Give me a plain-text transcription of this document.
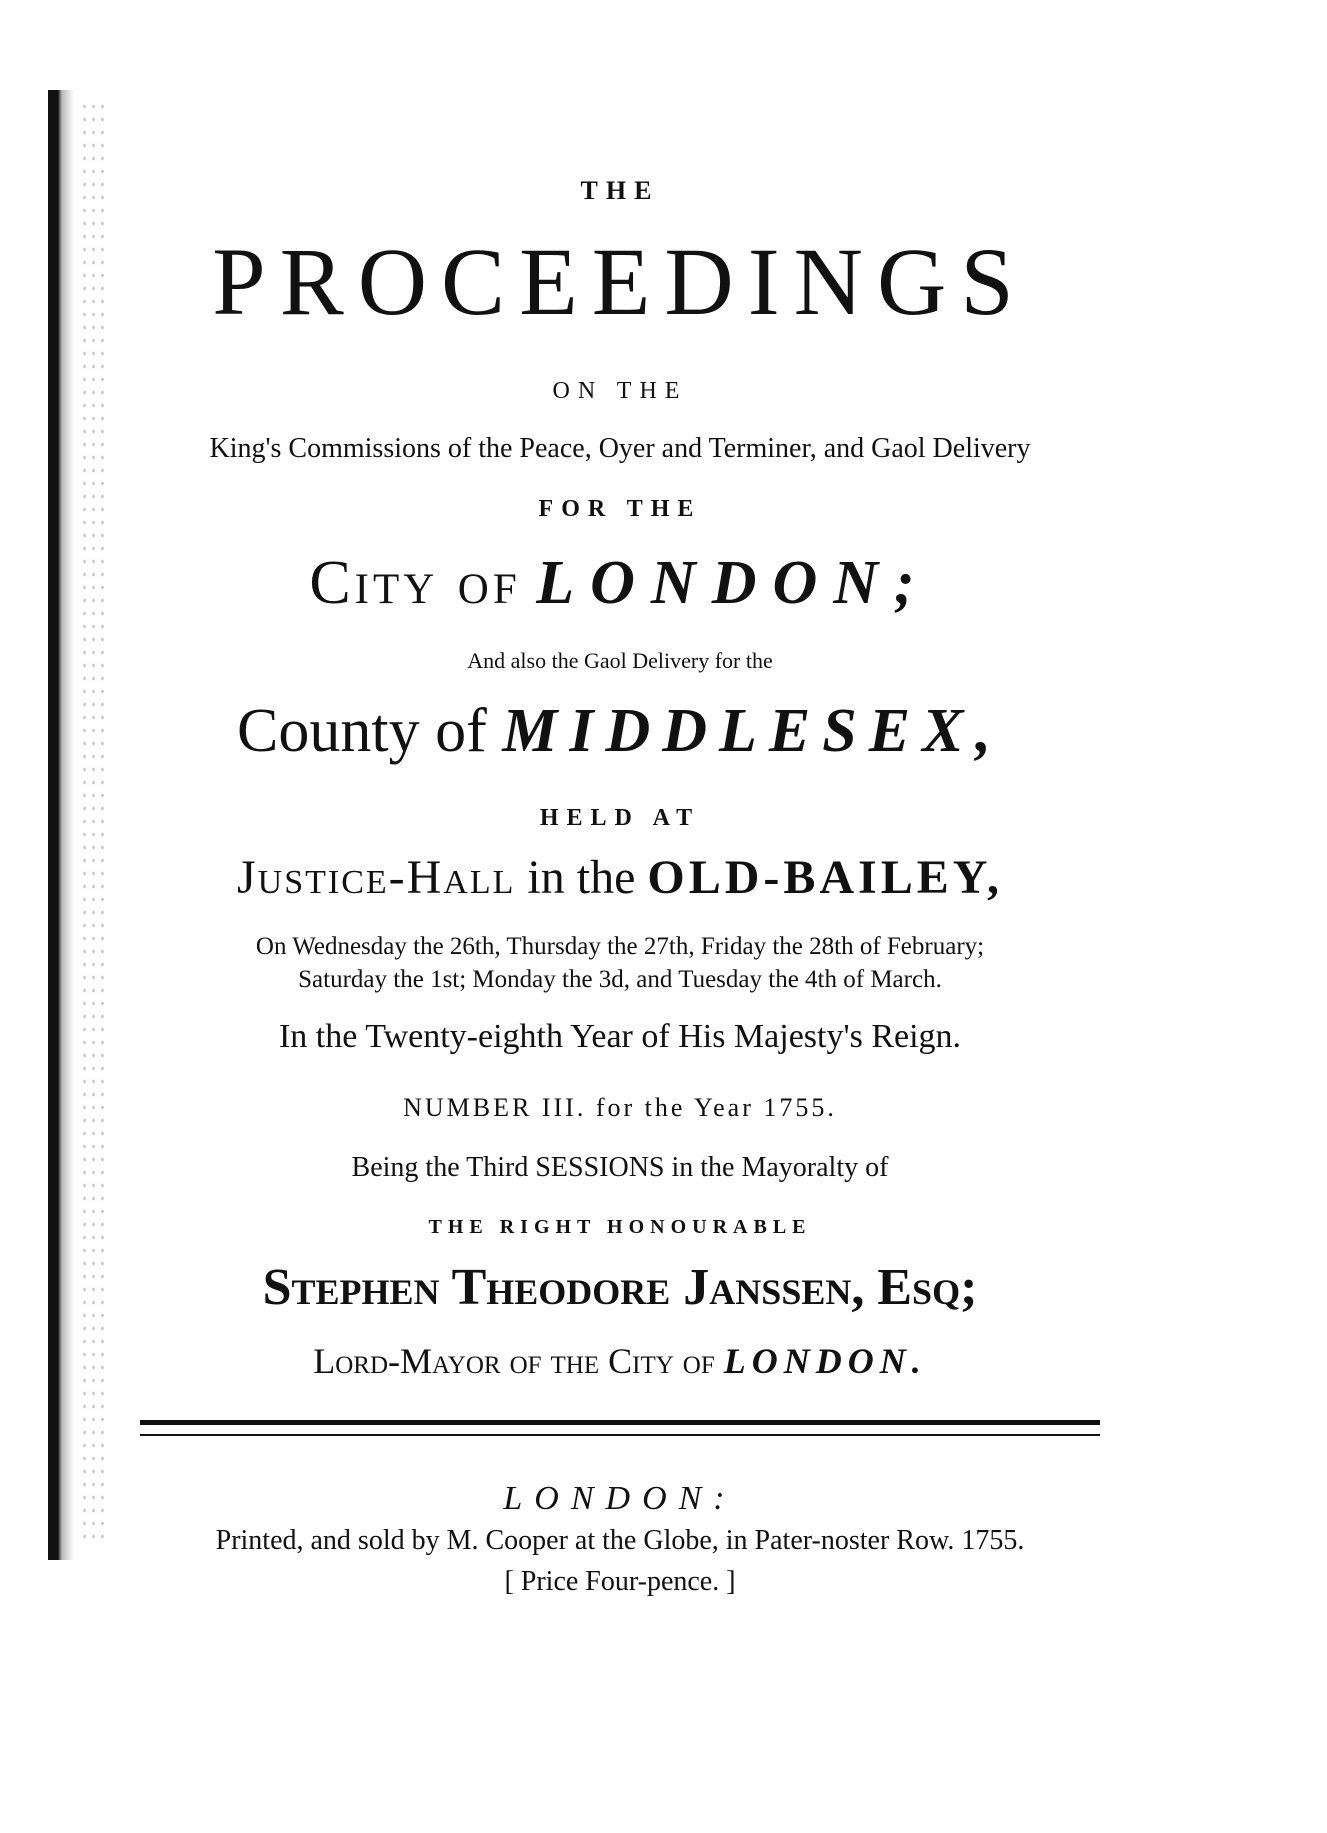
THE
PROCEEDINGS
ON THE
King's Commissions of the Peace, Oyer and Terminer, and Gaol Delivery
FOR THE
City of LONDON;
And also the Gaol Delivery for the
County of MIDDLESEX,
HELD AT
Justice-Hall in the OLD-BAILEY,
On Wednesday the 26th, Thursday the 27th, Friday the 28th of February;
Saturday the 1st; Monday the 3d, and Tuesday the 4th of March.
In the Twenty-eighth Year of His Majesty's Reign.
NUMBER III. for the Year 1755.
Being the Third SESSIONS in the Mayoralty of
THE RIGHT HONOURABLE
Stephen Theodore Janssen, Esq;
Lord-Mayor of the City of LONDON.
LONDON:
Printed, and sold by M. Cooper at the Globe, in Pater-noster Row. 1755.
[ Price Four-pence. ]
